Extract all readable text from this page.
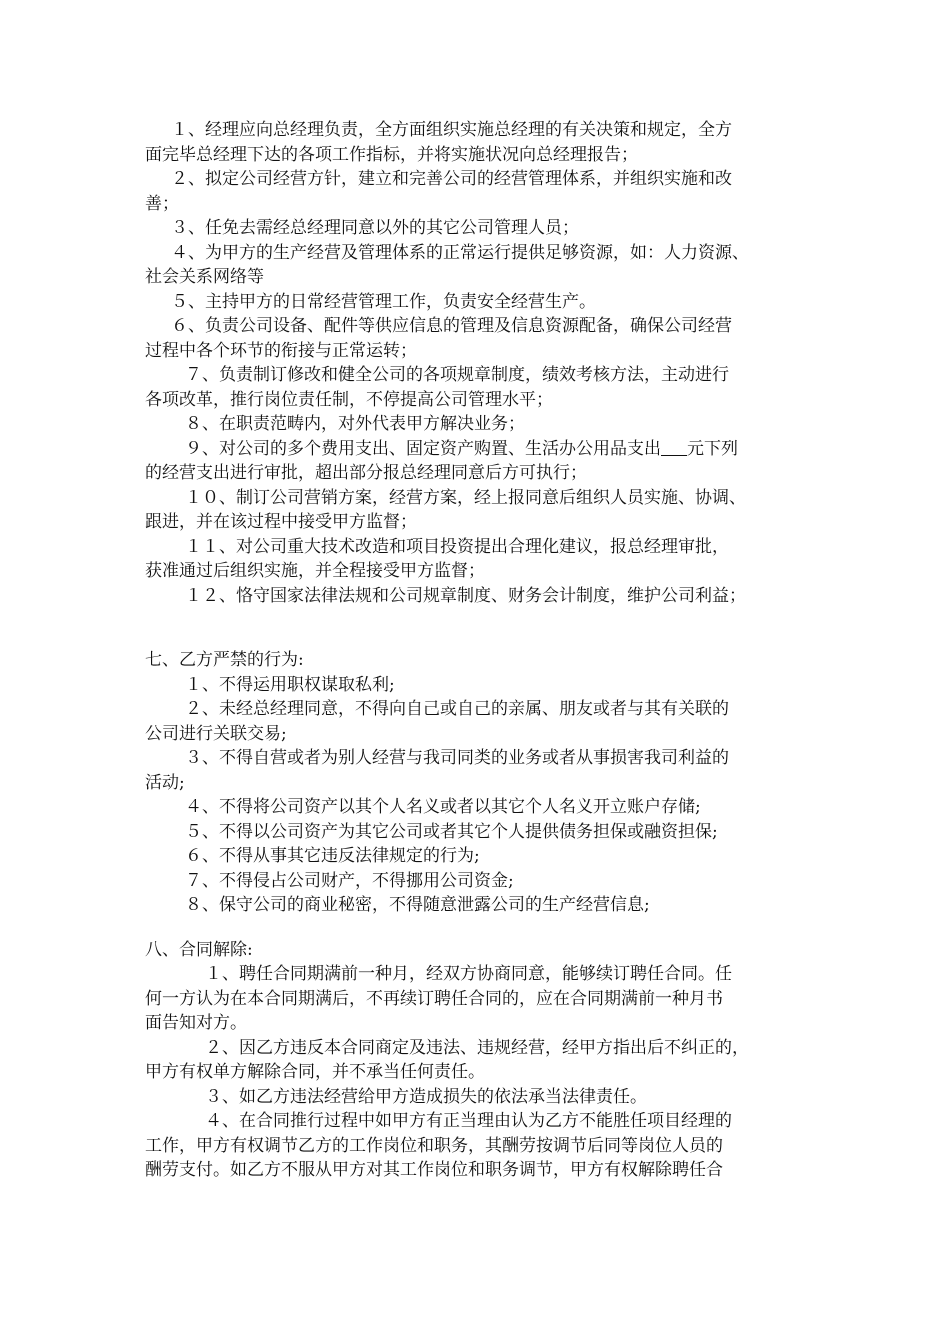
１、经理应向总经理负责，全方面组织实施总经理的有关决策和规定，全方

面完毕总经理下达的各项工作指标，并将实施状况向总经理报告；

２、拟定公司经营方针，建立和完善公司的经营管理体系，并组织实施和改

善；

３、任免去需经总经理同意以外的其它公司管理人员；

４、为甲方的生产经营及管理体系的正常运行提供足够资源，如：人力资源、

社会关系网络等

５、主持甲方的日常经营管理工作，负责安全经营生产。

６、负责公司设备、配件等供应信息的管理及信息资源配备，确保公司经营

过程中各个环节的衔接与正常运转；

７、负责制订修改和健全公司的各项规章制度，绩效考核方法，主动进行

各项改革，推行岗位责任制，不停提高公司管理水平；

８、在职责范畴内，对外代表甲方解决业务；

９、对公司的多个费用支出、固定资产购置、生活办公用品支出 元下列

的经营支出进行审批，超出部分报总经理同意后方可执行；

１０、制订公司营销方案，经营方案，经上报同意后组织人员实施、协调、

跟进，并在该过程中接受甲方监督；

１１、对公司重大技术改造和项目投资提出合理化建议，报总经理审批，

获准通过后组织实施，并全程接受甲方监督；

１２、恪守国家法律法规和公司规章制度、财务会计制度，维护公司利益；

七、乙方严禁的行为:

１、不得运用职权谋取私利;

２、未经总经理同意，不得向自己或自己的亲属、朋友或者与其有关联的

公司进行关联交易;

３、不得自营或者为别人经营与我司同类的业务或者从事损害我司利益的

活动;

４、不得将公司资产以其个人名义或者以其它个人名义开立账户存储;

５、不得以公司资产为其它公司或者其它个人提供债务担保或融资担保;

６、不得从事其它违反法律规定的行为;

７、不得侵占公司财产，不得挪用公司资金;

８、保守公司的商业秘密，不得随意泄露公司的生产经营信息;

八、合同解除:

１、聘任合同期满前一种月，经双方协商同意，能够续订聘任合同。任

何一方认为在本合同期满后，不再续订聘任合同的，应在合同期满前一种月书

面告知对方。

２、因乙方违反本合同商定及违法、违规经营，经甲方指出后不纠正的，

甲方有权单方解除合同，并不承当任何责任。

３、如乙方违法经营给甲方造成损失的依法承当法律责任。

４、在合同推行过程中如甲方有正当理由认为乙方不能胜任项目经理的

工作，甲方有权调节乙方的工作岗位和职务，其酬劳按调节后同等岗位人员的

酬劳支付。如乙方不服从甲方对其工作岗位和职务调节，甲方有权解除聘任合
